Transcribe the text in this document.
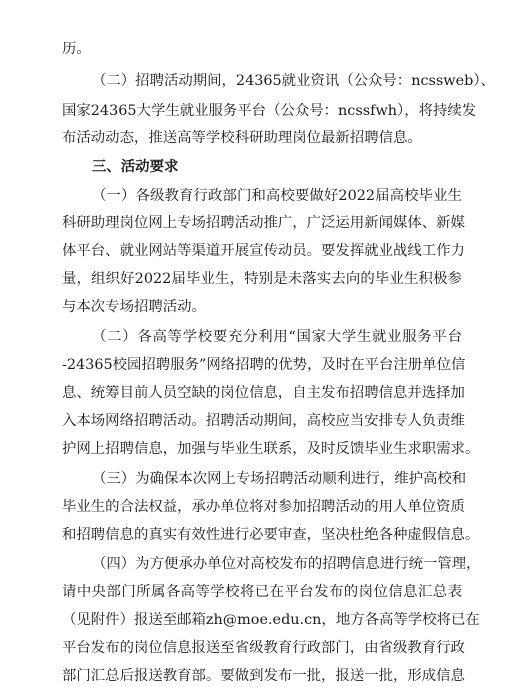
历。
（二）招聘活动期间，24365就业资讯（公众号：ncssweb）、
国家24365大学生就业服务平台（公众号：ncssfwh），将持续发
布活动动态，推送高等学校科研助理岗位最新招聘信息。
三、活动要求
（一）各级教育行政部门和高校要做好2022届高校毕业生
科研助理岗位网上专场招聘活动推广，广泛运用新闻媒体、新媒
体平台、就业网站等渠道开展宣传动员。要发挥就业战线工作力
量，组织好2022届毕业生，特别是未落实去向的毕业生积极参
与本次专场招聘活动。
（二）各高等学校要充分利用“国家大学生就业服务平台
-24365校园招聘服务”网络招聘的优势，及时在平台注册单位信
息、统筹目前人员空缺的岗位信息，自主发布招聘信息并选择加
入本场网络招聘活动。招聘活动期间，高校应当安排专人负责维
护网上招聘信息，加强与毕业生联系，及时反馈毕业生求职需求。
（三）为确保本次网上专场招聘活动顺利进行，维护高校和
毕业生的合法权益，承办单位将对参加招聘活动的用人单位资质
和招聘信息的真实有效性进行必要审查，坚决杜绝各种虚假信息。
（四）为方便承办单位对高校发布的招聘信息进行统一管理，
请中央部门所属各高等学校将已在平台发布的岗位信息汇总表
（见附件）报送至邮箱zh@moe.edu.cn，地方各高等学校将已在
平台发布的岗位信息报送至省级教育行政部门，由省级教育行政
部门汇总后报送教育部。要做到发布一批，报送一批，形成信息
